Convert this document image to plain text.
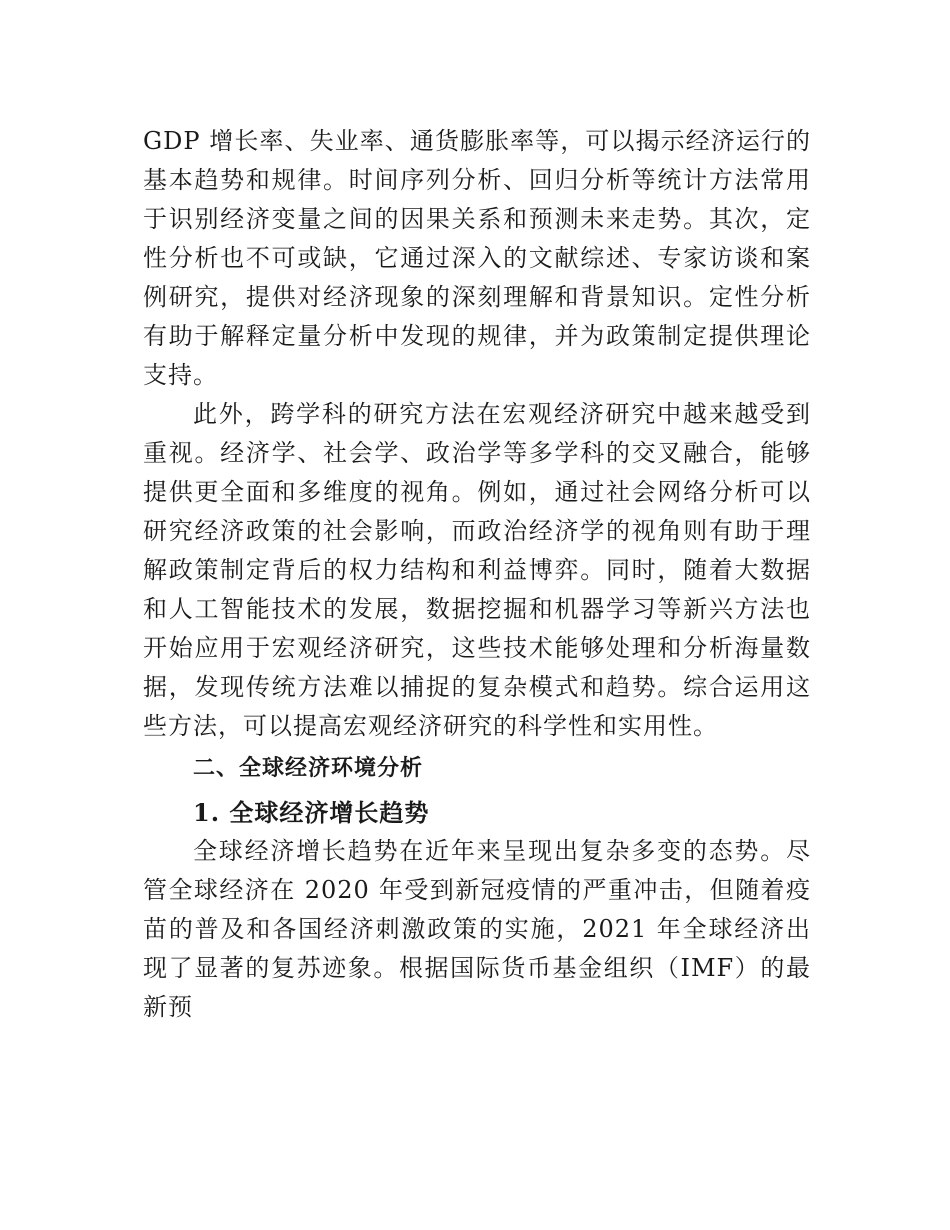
GDP 增长率、失业率、通货膨胀率等，可以揭示经济运行的基本趋势和规律。时间序列分析、回归分析等统计方法常用于识别经济变量之间的因果关系和预测未来走势。其次，定性分析也不可或缺，它通过深入的文献综述、专家访谈和案例研究，提供对经济现象的深刻理解和背景知识。定性分析有助于解释定量分析中发现的规律，并为政策制定提供理论支持。

此外，跨学科的研究方法在宏观经济研究中越来越受到重视。经济学、社会学、政治学等多学科的交叉融合，能够提供更全面和多维度的视角。例如，通过社会网络分析可以研究经济政策的社会影响，而政治经济学的视角则有助于理解政策制定背后的权力结构和利益博弈。同时，随着大数据和人工智能技术的发展，数据挖掘和机器学习等新兴方法也开始应用于宏观经济研究，这些技术能够处理和分析海量数据，发现传统方法难以捕捉的复杂模式和趋势。综合运用这些方法，可以提高宏观经济研究的科学性和实用性。

二、全球经济环境分析
1. 全球经济增长趋势

全球经济增长趋势在近年来呈现出复杂多变的态势。尽管全球经济在 2020 年受到新冠疫情的严重冲击，但随着疫苗的普及和各国经济刺激政策的实施，2021 年全球经济出现了显著的复苏迹象。根据国际货币基金组织（IMF）的最新预
